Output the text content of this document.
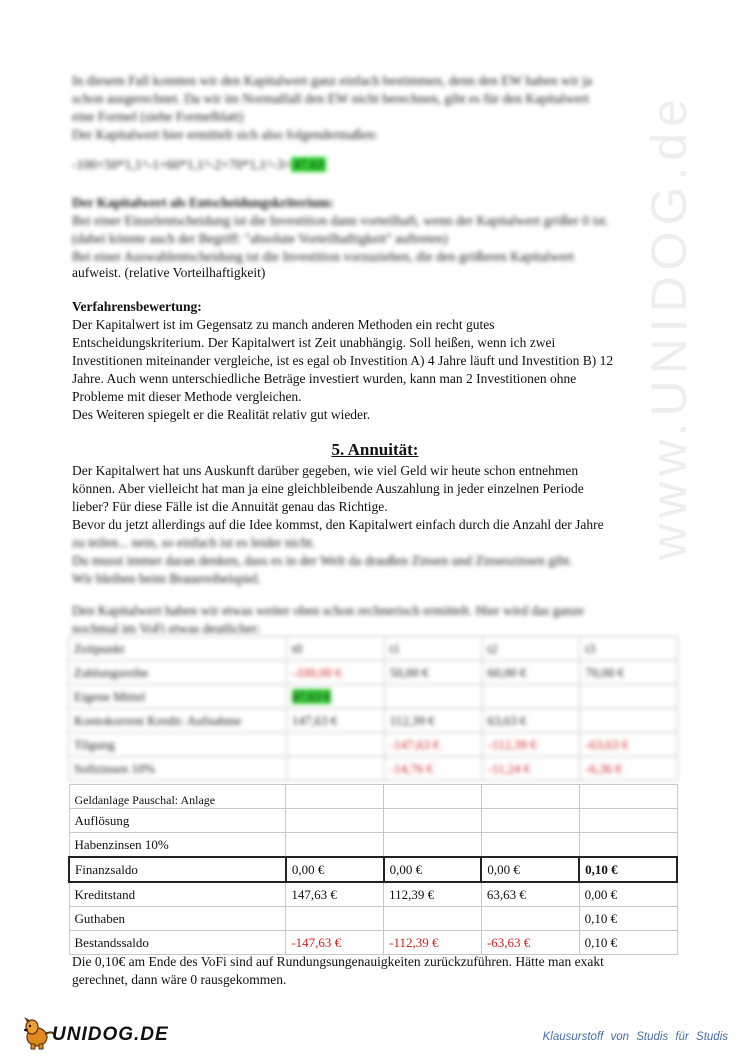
www.UNIDOG.de
In diesem Fall konnten wir den Kapitalwert ganz einfach bestimmen, denn den EW haben wir ja
schon ausgerechnet. Da wir im Normalfall den EW nicht berechnen, gibt es für den Kapitalwert
eine Formel (siehe Formelblatt)
Der Kapitalwert hier ermittelt sich also folgendermaßen:
-100+50*1,1^-1+60*1,1^-2+70*1,1^-3= 47,63
Der Kapitalwert als Entscheidungskriterium:
Bei einer Einzelentscheidung ist die Investition dann vorteilhaft, wenn der Kapitalwert größer 0 ist.
(dabei könnte auch der Begriff: "absolute Vorteilhaftigkeit" auftreten)
Bei einer Auswahlentscheidung ist die Investition vorzuziehen, die den größeren Kapitalwert
aufweist. (relative Vorteilhaftigkeit)
Verfahrensbewertung:
Der Kapitalwert ist im Gegensatz zu manch anderen Methoden ein recht gutes
Entscheidungskriterium. Der Kapitalwert ist Zeit unabhängig. Soll heißen, wenn ich zwei
Investitionen miteinander vergleiche, ist es egal ob Investition A) 4 Jahre läuft und Investition B) 12
Jahre. Auch wenn unterschiedliche Beträge investiert wurden, kann man 2 Investitionen ohne
Probleme mit dieser Methode vergleichen.
Des Weiteren spiegelt er die Realität relativ gut wieder.
5. Annuität:
Der Kapitalwert hat uns Auskunft darüber gegeben, wie viel Geld wir heute schon entnehmen
können. Aber vielleicht hat man ja eine gleichbleibende Auszahlung in jeder einzelnen Periode
lieber? Für diese Fälle ist die Annuität genau das Richtige.
Bevor du jetzt allerdings auf die Idee kommst, den Kapitalwert einfach durch die Anzahl der Jahre
zu teilen... nein, so einfach ist es leider nicht.
Du musst immer daran denken, dass es in der Welt da draußen Zinsen und Zinseszinsen gibt.
Wir bleiben beim Brauereibeispiel.
Den Kapitalwert haben wir etwas weiter oben schon rechnerisch ermittelt. Hier wird das ganze
nochmal im VoFi etwas deutlicher:
Zeitpunkt	t0	t1	t2	t3
Zahlungsreihe	-100,00 €	50,00 €	60,00 €	70,00 €
Eigene Mittel	47,63 €			
Kontokorrent Kredit: Aufnahme	147,63 €	112,39 €	63,63 €	
Tilgung		-147,63 €	-112,39 €	-63,63 €
Sollzinsen 10%		-14,76 €	-11,24 €	-6,36 €
Geldanlage Pauschal: Anlage				
Auflösung				
Habenzinsen 10%				
Finanzsaldo	0,00 €	0,00 €	0,00 €	0,10 €
Kreditstand	147,63 €	112,39 €	63,63 €	0,00 €
Guthaben				0,10 €
Bestandssaldo	-147,63 €	-112,39 €	-63,63 €	0,10 €
Die 0,10€ am Ende des VoFi sind auf Rundungsungenauigkeiten zurückzuführen. Hätte man exakt
gerechnet, dann wäre 0 rausgekommen.
UNIDOG.DE	Klausurstoff von Studis für Studis
